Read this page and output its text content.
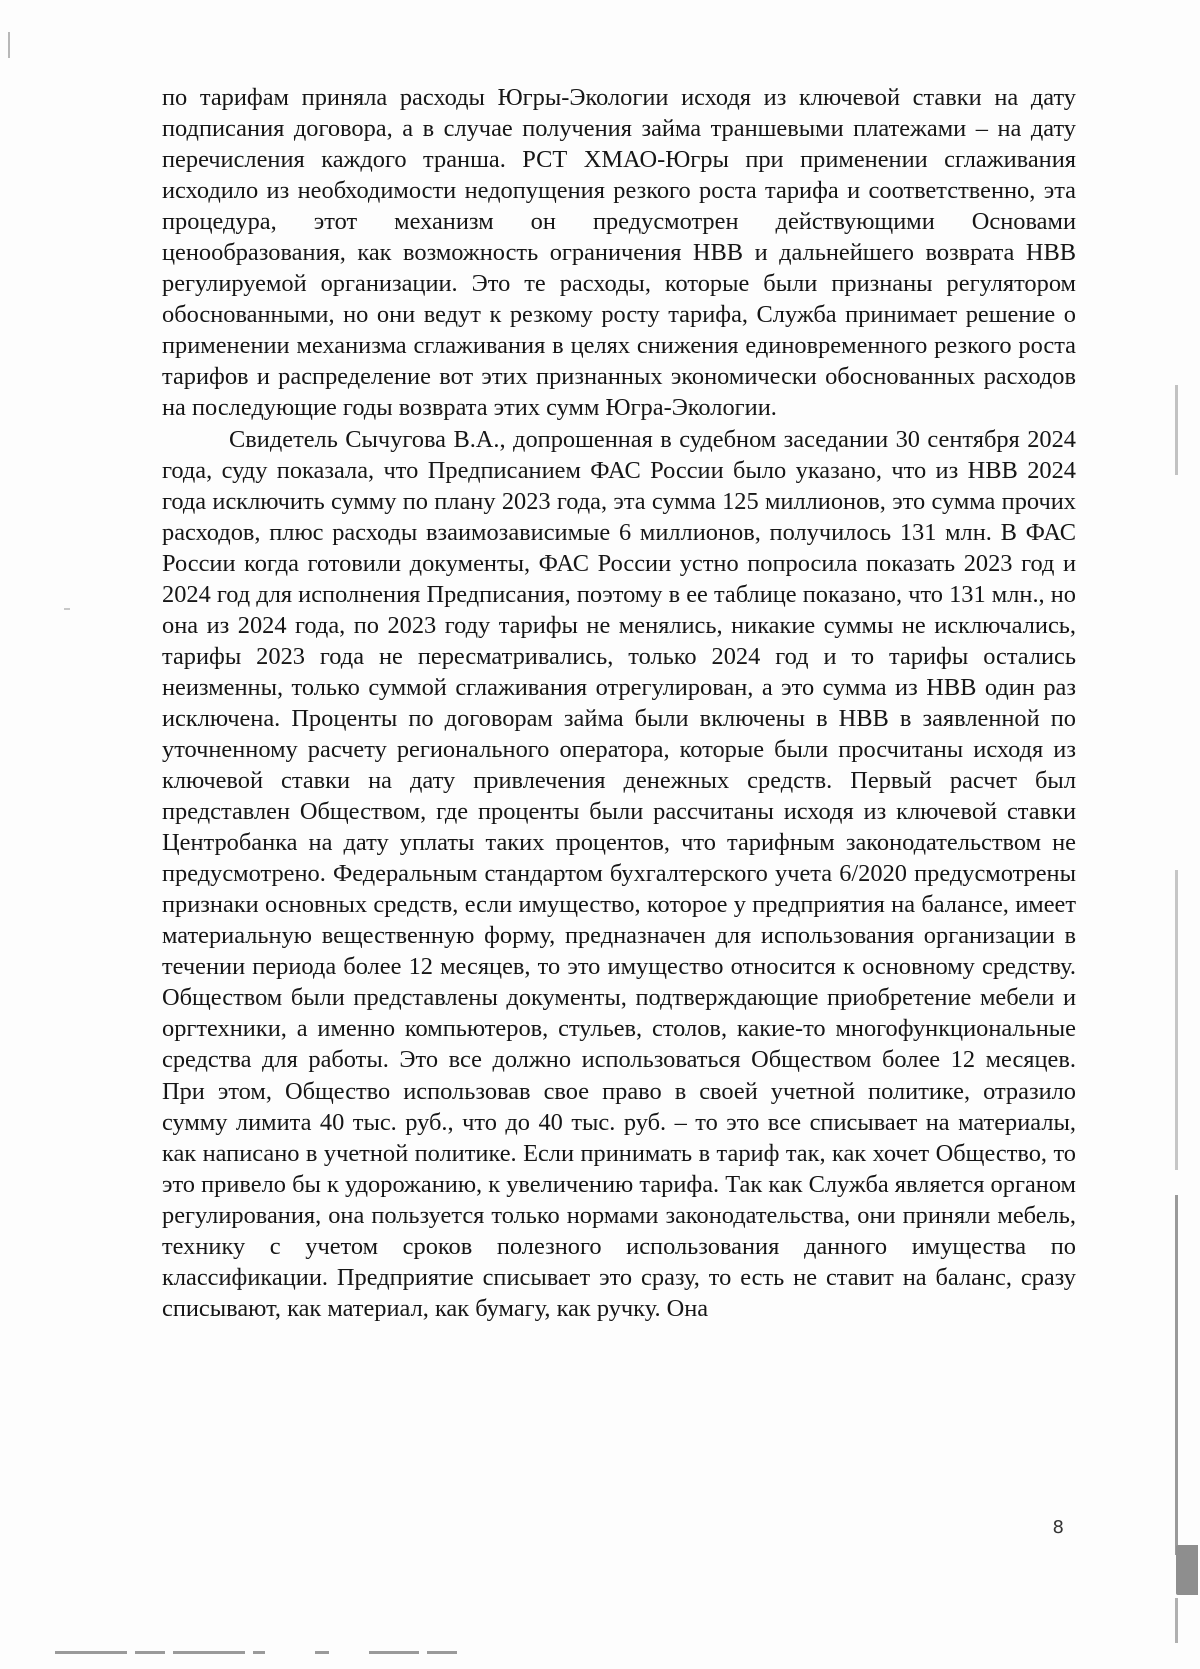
по тарифам приняла расходы Югры-Экологии исходя из ключевой ставки на дату подписания договора, а в случае получения займа траншевыми платежами – на дату перечисления каждого транша. РСТ ХМАО-Югры при применении сглаживания исходило из необходимости недопущения резкого роста тарифа и соответственно, эта процедура, этот механизм он предусмотрен действующими Основами ценообразования, как возможность ограничения НВВ и дальнейшего возврата НВВ регулируемой организации. Это те расходы, которые были признаны регулятором обоснованными, но они ведут к резкому росту тарифа, Служба принимает решение о применении механизма сглаживания в целях снижения единовременного резкого роста тарифов и распределение вот этих признанных экономически обоснованных расходов на последующие годы возврата этих сумм Югра-Экологии.

Свидетель Сычугова В.А., допрошенная в судебном заседании 30 сентября 2024 года, суду показала, что Предписанием ФАС России было указано, что из НВВ 2024 года исключить сумму по плану 2023 года, эта сумма 125 миллионов, это сумма прочих расходов, плюс расходы взаимозависимые 6 миллионов, получилось 131 млн. В ФАС России когда готовили документы, ФАС России устно попросила показать 2023 год и 2024 год для исполнения Предписания, поэтому в ее таблице показано, что 131 млн., но она из 2024 года, по 2023 году тарифы не менялись, никакие суммы не исключались, тарифы 2023 года не пересматривались, только 2024 год и то тарифы остались неизменны, только суммой сглаживания отрегулирован, а это сумма из НВВ один раз исключена. Проценты по договорам займа были включены в НВВ в заявленной по уточненному расчету регионального оператора, которые были просчитаны исходя из ключевой ставки на дату привлечения денежных средств. Первый расчет был представлен Обществом, где проценты были рассчитаны исходя из ключевой ставки Центробанка на дату уплаты таких процентов, что тарифным законодательством не предусмотрено. Федеральным стандартом бухгалтерского учета 6/2020 предусмотрены признаки основных средств, если имущество, которое у предприятия на балансе, имеет материальную вещественную форму, предназначен для использования организации в течении периода более 12 месяцев, то это имущество относится к основному средству. Обществом были представлены документы, подтверждающие приобретение мебели и оргтехники, а именно компьютеров, стульев, столов, какие-то многофункциональные средства для работы. Это все должно использоваться Обществом более 12 месяцев. При этом, Общество использовав свое право в своей учетной политике, отразило сумму лимита 40 тыс. руб., что до 40 тыс. руб. – то это все списывает на материалы, как написано в учетной политике. Если принимать в тариф так, как хочет Общество, то это привело бы к удорожанию, к увеличению тарифа. Так как Служба является органом регулирования, она пользуется только нормами законодательства, они приняли мебель, технику с учетом сроков полезного использования данного имущества по классификации. Предприятие списывает это сразу, то есть не ставит на баланс, сразу списывают, как материал, как бумагу, как ручку. Она

8
